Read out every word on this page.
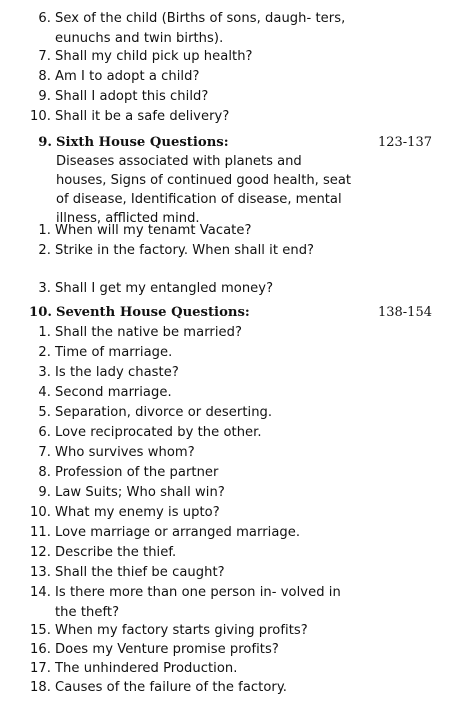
6. Sex of the child (Births of sons, daugh- ters, eunuchs and twin births).
7. Shall my child pick up health?
8. Am I to adopt a child?
9. Shall I adopt this child?
10. Shall it be a safe delivery?
9. Sixth House Questions:	123-137
Diseases associated with planets and houses, Signs of continued good health, seat of disease, Identification of disease, mental illness, afflicted mind.
1. When will my tenamt Vacate?
2. Strike in the factory. When shall it end?
3. Shall I get my entangled money?
10. Seventh House Questions:	138-154
1. Shall the native be married?
2. Time of marriage.
3. Is the lady chaste?
4. Second marriage.
5. Separation, divorce or deserting.
6. Love reciprocated by the other.
7. Who survives whom?
8. Profession of the partner
9. Law Suits; Who shall win?
10. What my enemy is upto?
11. Love marriage or arranged marriage.
12. Describe the thief.
13. Shall the thief be caught?
14. Is there more than one person in- volved in the theft?
15. When my factory starts giving profits?
16. Does my Venture promise profits?
17. The unhindered Production.
18. Causes of the failure of the factory.
